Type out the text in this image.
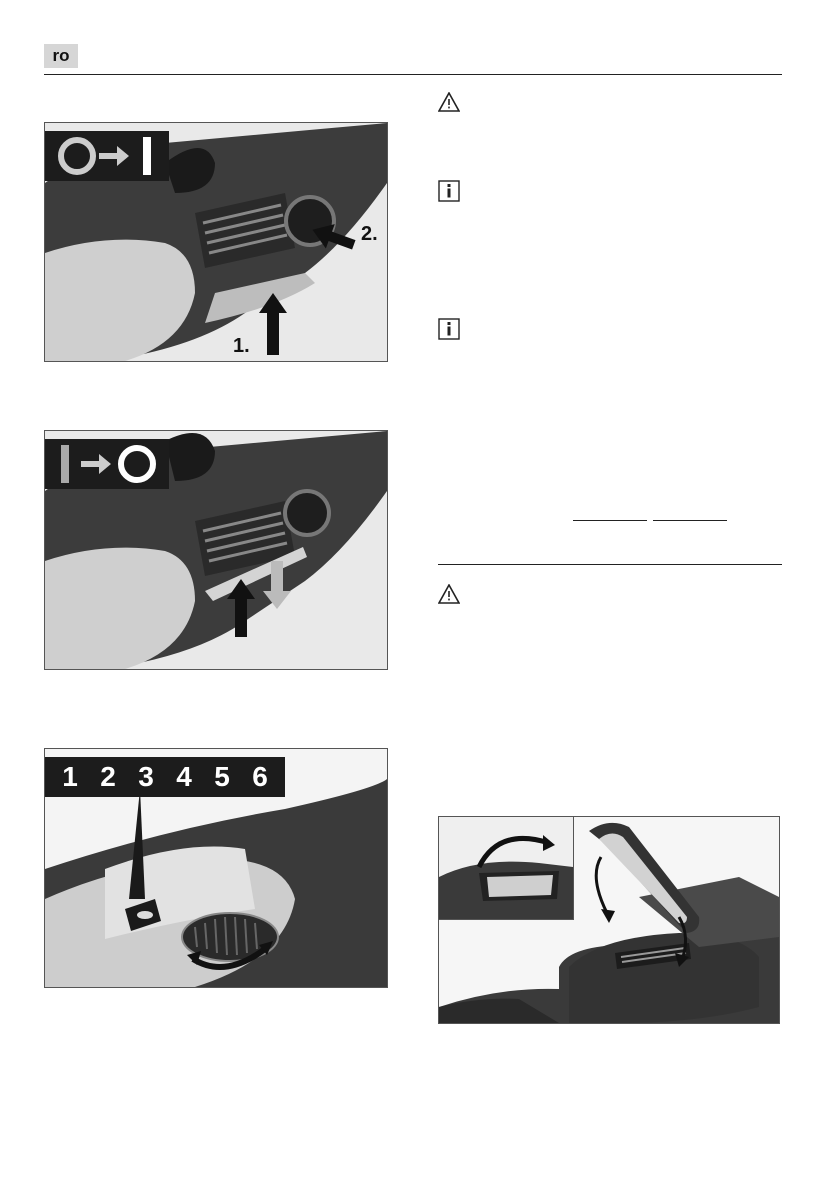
ro
2.
1.
1 2 3 4 5 6
